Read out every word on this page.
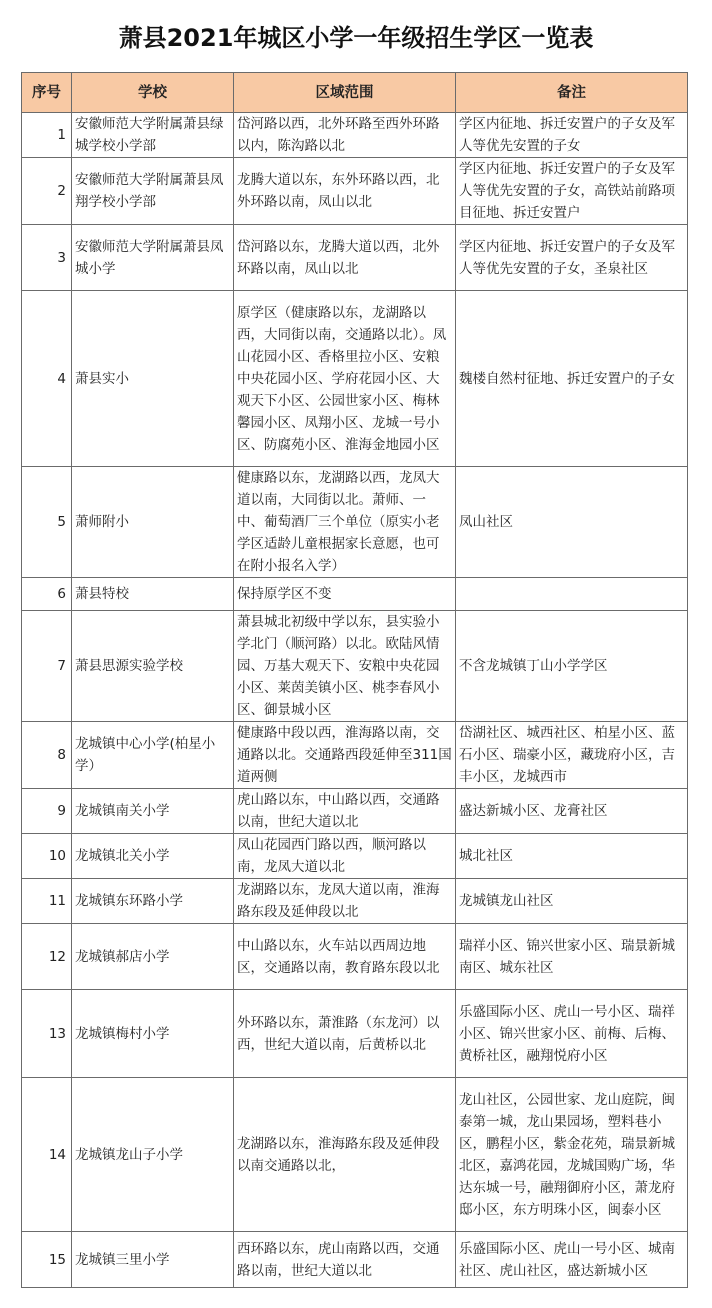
萧县2021年城区小学一年级招生学区一览表
序号	学校	区域范围	备注
1	安徽师范大学附属萧县绿城学校小学部	岱河路以西，北外环路至西外环路以内，陈沟路以北	学区内征地、拆迁安置户的子女及军人等优先安置的子女
2	安徽师范大学附属萧县凤翔学校小学部	龙腾大道以东，东外环路以西，北外环路以南，凤山以北	学区内征地、拆迁安置户的子女及军人等优先安置的子女，高铁站前路项目征地、拆迁安置户
3	安徽师范大学附属萧县凤城小学	岱河路以东，龙腾大道以西，北外环路以南，凤山以北	学区内征地、拆迁安置户的子女及军人等优先安置的子女，圣泉社区
4	萧县实小	原学区（健康路以东，龙湖路以西，大同街以南，交通路以北）。凤山花园小区、香格里拉小区、安粮中央花园小区、学府花园小区、大观天下小区、公园世家小区、梅林馨园小区、凤翔小区、龙城一号小区、防腐苑小区、淮海金地园小区	魏楼自然村征地、拆迁安置户的子女
5	萧师附小	健康路以东，龙湖路以西，龙凤大道以南，大同街以北。萧师、一中、葡萄酒厂三个单位（原实小老学区适龄儿童根据家长意愿，也可在附小报名入学）	凤山社区
6	萧县特校	保持原学区不变	
7	萧县思源实验学校	萧县城北初级中学以东，县实验小学北门（顺河路）以北。欧陆风情园、万基大观天下、安粮中央花园小区、莱茵美镇小区、桃李春风小区、御景城小区	不含龙城镇丁山小学学区
8	龙城镇中心小学(柏星小学）	健康路中段以西，淮海路以南，交通路以北。交通路西段延伸至311国道两侧	岱湖社区、城西社区、柏星小区、蓝石小区、瑞豪小区，藏珑府小区，吉丰小区，龙城西市
9	龙城镇南关小学	虎山路以东，中山路以西，交通路以南，世纪大道以北	盛达新城小区、龙膏社区
10	龙城镇北关小学	凤山花园西门路以西，顺河路以南，龙凤大道以北	城北社区
11	龙城镇东环路小学	龙湖路以东，龙凤大道以南，淮海路东段及延伸段以北	龙城镇龙山社区
12	龙城镇郝店小学	中山路以东，火车站以西周边地区，交通路以南，教育路东段以北	瑞祥小区、锦兴世家小区、瑞景新城南区、城东社区
13	龙城镇梅村小学	外环路以东，萧淮路（东龙河）以西，世纪大道以南，后黄桥以北	乐盛国际小区、虎山一号小区、瑞祥小区、锦兴世家小区、前梅、后梅、黄桥社区，融翔悦府小区
14	龙城镇龙山子小学	龙湖路以东，淮海路东段及延伸段以南交通路以北，	龙山社区，公园世家、龙山庭院，闽泰第一城，龙山果园场，塑料巷小区，鹏程小区，紫金花苑，瑞景新城北区，嘉鸿花园，龙城国购广场，华达东城一号，融翔御府小区，萧龙府邸小区，东方明珠小区，闽泰小区
15	龙城镇三里小学	西环路以东，虎山南路以西，交通路以南，世纪大道以北	乐盛国际小区、虎山一号小区、城南社区、虎山社区，盛达新城小区
